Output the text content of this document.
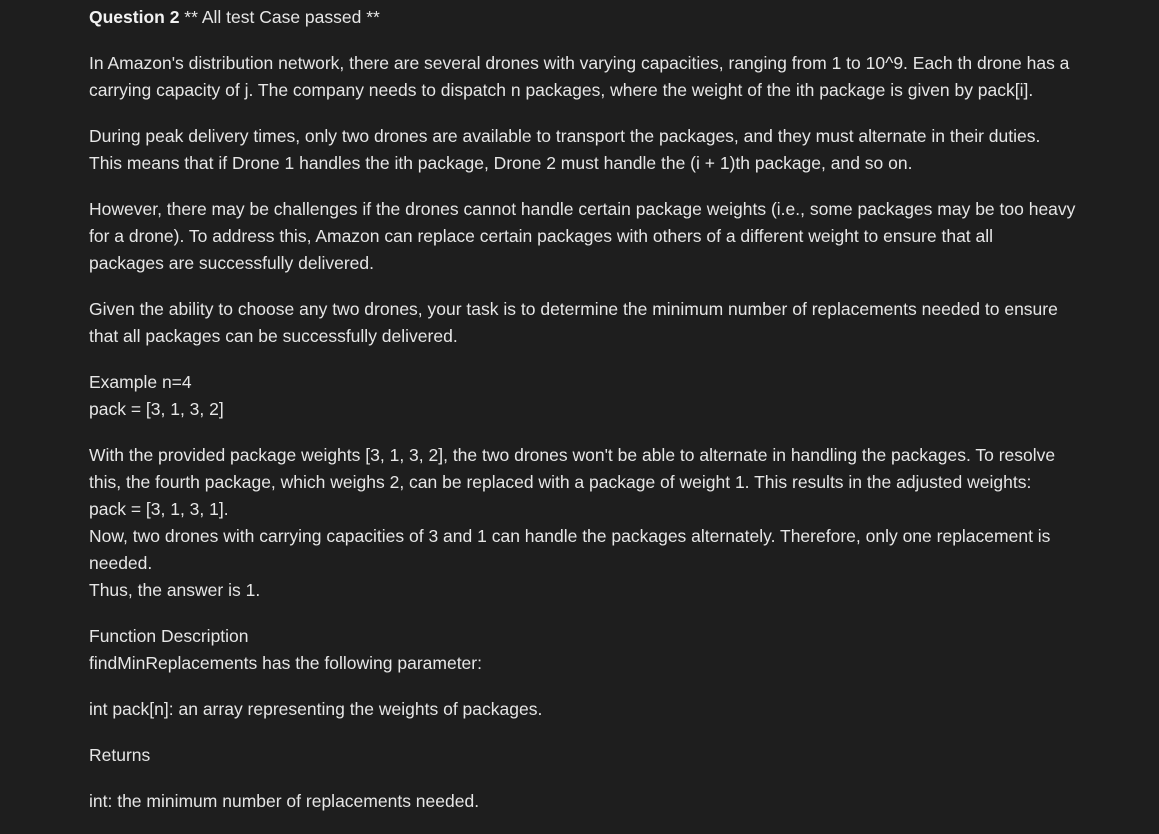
Question 2 ** All test Case passed **

In Amazon's distribution network, there are several drones with varying capacities, ranging from 1 to 10^9. Each th drone has a
carrying capacity of j. The company needs to dispatch n packages, where the weight of the ith package is given by pack[i].

During peak delivery times, only two drones are available to transport the packages, and they must alternate in their duties.
This means that if Drone 1 handles the ith package, Drone 2 must handle the (i + 1)th package, and so on.

However, there may be challenges if the drones cannot handle certain package weights (i.e., some packages may be too heavy
for a drone). To address this, Amazon can replace certain packages with others of a different weight to ensure that all
packages are successfully delivered.

Given the ability to choose any two drones, your task is to determine the minimum number of replacements needed to ensure
that all packages can be successfully delivered.

Example n=4
pack = [3, 1, 3, 2]

With the provided package weights [3, 1, 3, 2], the two drones won't be able to alternate in handling the packages. To resolve
this, the fourth package, which weighs 2, can be replaced with a package of weight 1. This results in the adjusted weights:
pack = [3, 1, 3, 1].
Now, two drones with carrying capacities of 3 and 1 can handle the packages alternately. Therefore, only one replacement is
needed.
Thus, the answer is 1.

Function Description
findMinReplacements has the following parameter:

int pack[n]: an array representing the weights of packages.

Returns

int: the minimum number of replacements needed.
